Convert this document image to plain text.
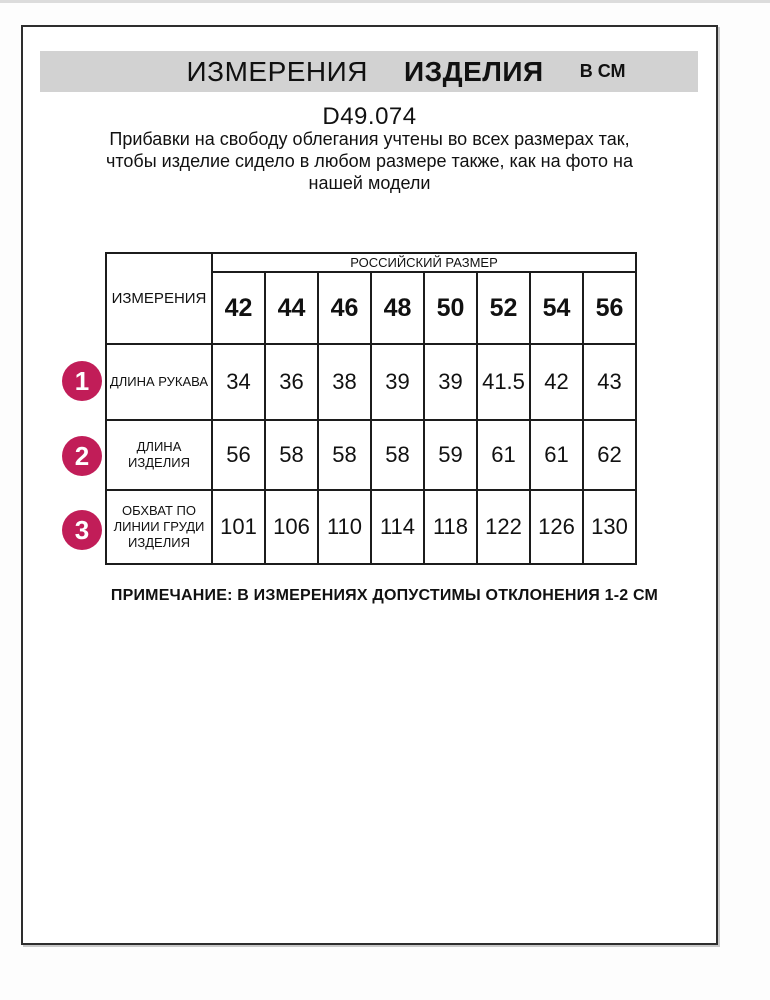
ИЗМЕРЕНИЯ ИЗДЕЛИЯ В СМ
D49.074
Прибавки на свободу облегания учтены во всех размерах так, чтобы изделие сидело в любом размере также, как на фото на нашей модели
1
2
3
ИЗМЕРЕНИЯ	РОССИЙСКИЙ РАЗМЕР							
	42	44	46	48	50	52	54	56
ДЛИНА РУКАВА	34	36	38	39	39	41.5	42	43
ДЛИНА ИЗДЕЛИЯ	56	58	58	58	59	61	61	62
ОБХВАТ ПО ЛИНИИ ГРУДИ ИЗДЕЛИЯ	101	106	110	114	118	122	126	130
ПРИМЕЧАНИЕ: В ИЗМЕРЕНИЯХ ДОПУСТИМЫ ОТКЛОНЕНИЯ 1-2 СМ
